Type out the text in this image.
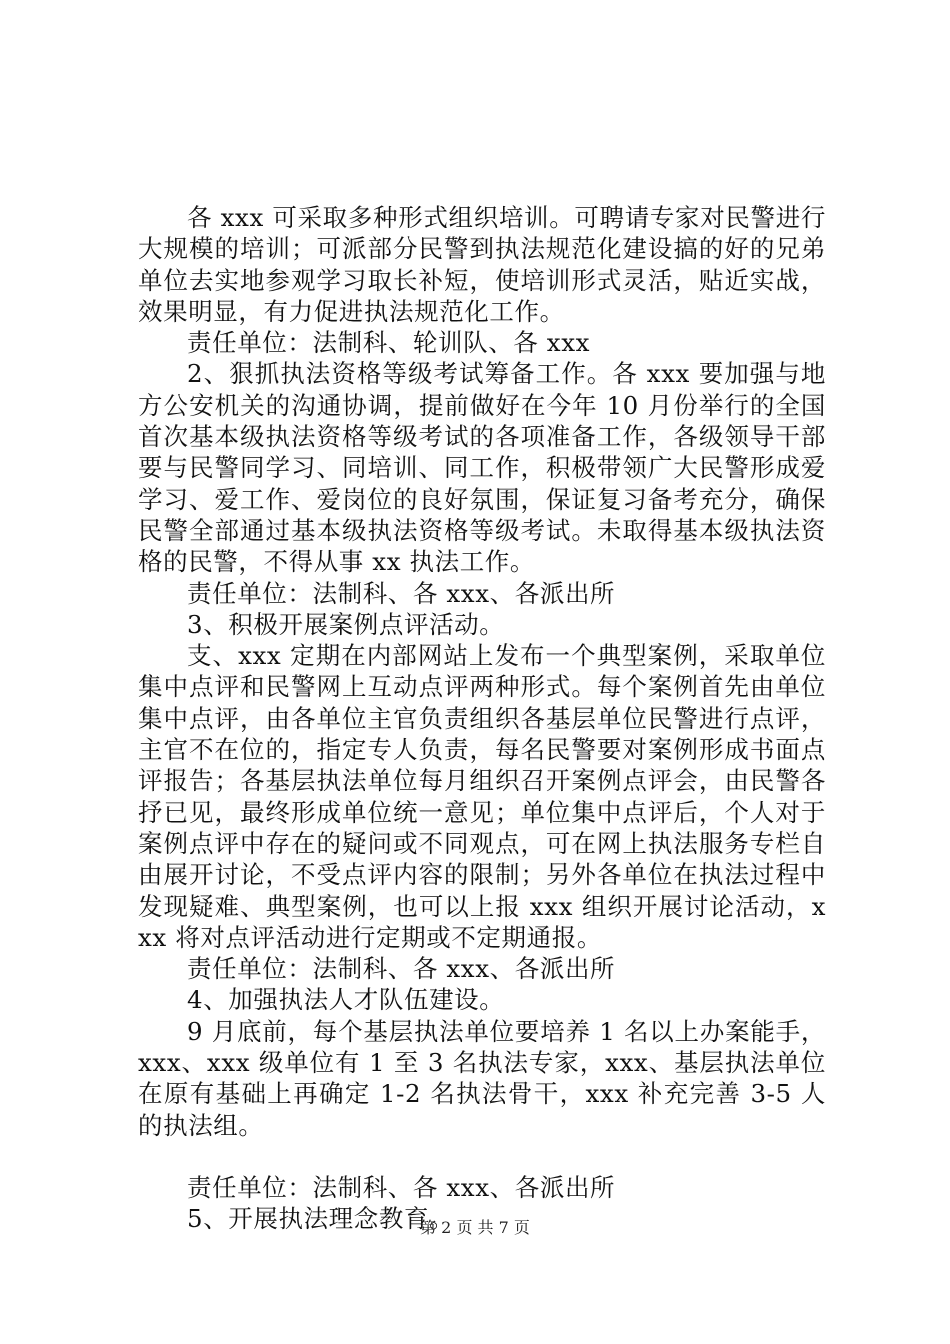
各 xxx 可采取多种形式组织培训。可聘请专家对民警进行大规模的培训；可派部分民警到执法规范化建设搞的好的兄弟单位去实地参观学习取长补短，使培训形式灵活，贴近实战，效果明显，有力促进执法规范化工作。

责任单位：法制科、轮训队、各 xxx

2、狠抓执法资格等级考试筹备工作。各 xxx 要加强与地方公安机关的沟通协调，提前做好在今年 10 月份举行的全国首次基本级执法资格等级考试的各项准备工作，各级领导干部要与民警同学习、同培训、同工作，积极带领广大民警形成爱学习、爱工作、爱岗位的良好氛围，保证复习备考充分，确保民警全部通过基本级执法资格等级考试。未取得基本级执法资格的民警，不得从事 xx 执法工作。

责任单位：法制科、各 xxx、各派出所

3、积极开展案例点评活动。

支、xxx 定期在内部网站上发布一个典型案例，采取单位集中点评和民警网上互动点评两种形式。每个案例首先由单位集中点评，由各单位主官负责组织各基层单位民警进行点评，主官不在位的，指定专人负责，每名民警要对案例形成书面点评报告；各基层执法单位每月组织召开案例点评会，由民警各抒已见，最终形成单位统一意见；单位集中点评后，个人对于案例点评中存在的疑问或不同观点，可在网上执法服务专栏自由展开讨论，不受点评内容的限制；另外各单位在执法过程中发现疑难、典型案例，也可以上报 xxx 组织开展讨论活动，xxx 将对点评活动进行定期或不定期通报。

责任单位：法制科、各 xxx、各派出所

4、加强执法人才队伍建设。

9 月底前，每个基层执法单位要培养 1 名以上办案能手，xxx、xxx 级单位有 1 至 3 名执法专家，xxx、基层执法单位在原有基础上再确定 1-2 名执法骨干，xxx 补充完善 3-5 人的执法组。

责任单位：法制科、各 xxx、各派出所

5、开展执法理念教育。

第 2 页 共 7 页
